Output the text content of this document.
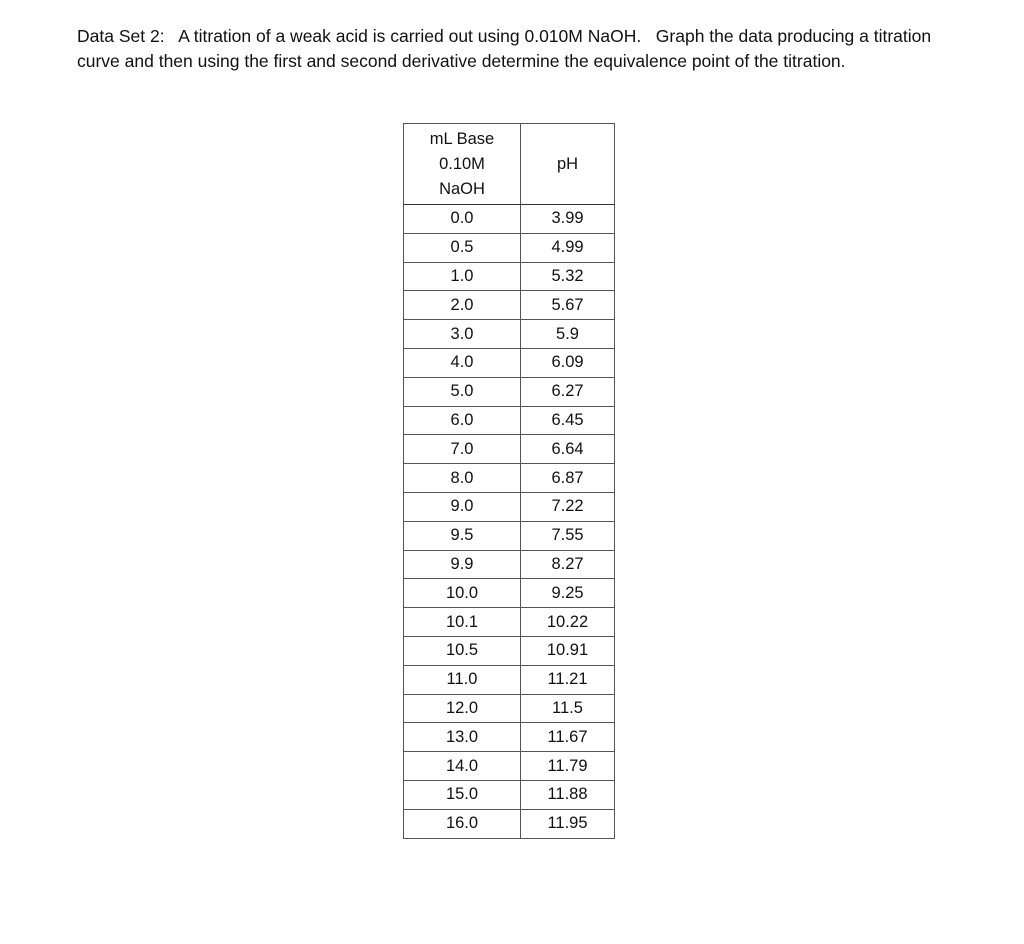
Data Set 2: A titration of a weak acid is carried out using 0.010M NaOH. Graph the data producing a titration curve and then using the first and second derivative determine the equivalence point of the titration.

mL Base
0.10M
NaOH	pH
0.0	3.99
0.5	4.99
1.0	5.32
2.0	5.67
3.0	5.9
4.0	6.09
5.0	6.27
6.0	6.45
7.0	6.64
8.0	6.87
9.0	7.22
9.5	7.55
9.9	8.27
10.0	9.25
10.1	10.22
10.5	10.91
11.0	11.21
12.0	11.5
13.0	11.67
14.0	11.79
15.0	11.88
16.0	11.95
